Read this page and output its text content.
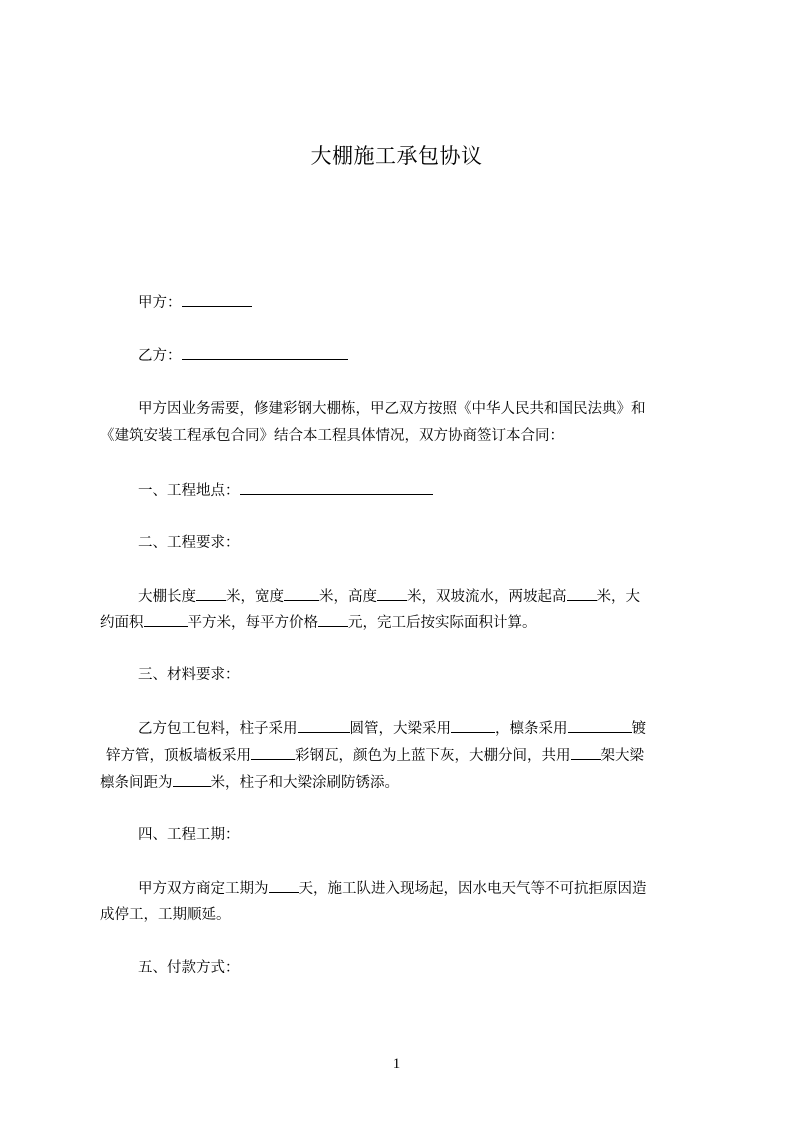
大棚施工承包协议
甲方：
乙方：
甲方因业务需要，修建彩钢大棚栋，甲乙双方按照《中华人民共和国民法典》和
《建筑安装工程承包合同》结合本工程具体情况，双方协商签订本合同：
一、工程地点：
二、工程要求：
大棚长度 米，宽度 米，高度 米，双坡流水，两坡起高 米，大
约面积	平方米，每平方价格 元，完工后按实际面积计算。
三、材料要求：
乙方包工包料，柱子采用	圆管，大梁采用	，檩条采用	镀
锌方管，顶板墙板采用	彩钢瓦，颜色为上蓝下灰，大棚分间，共用 架大梁
檩条间距为	米，柱子和大梁涂刷防锈添。
四、工程工期：
甲方双方商定工期为 天，施工队进入现场起，因水电天气等不可抗拒原因造
成停工，工期顺延。
五、付款方式：
1
